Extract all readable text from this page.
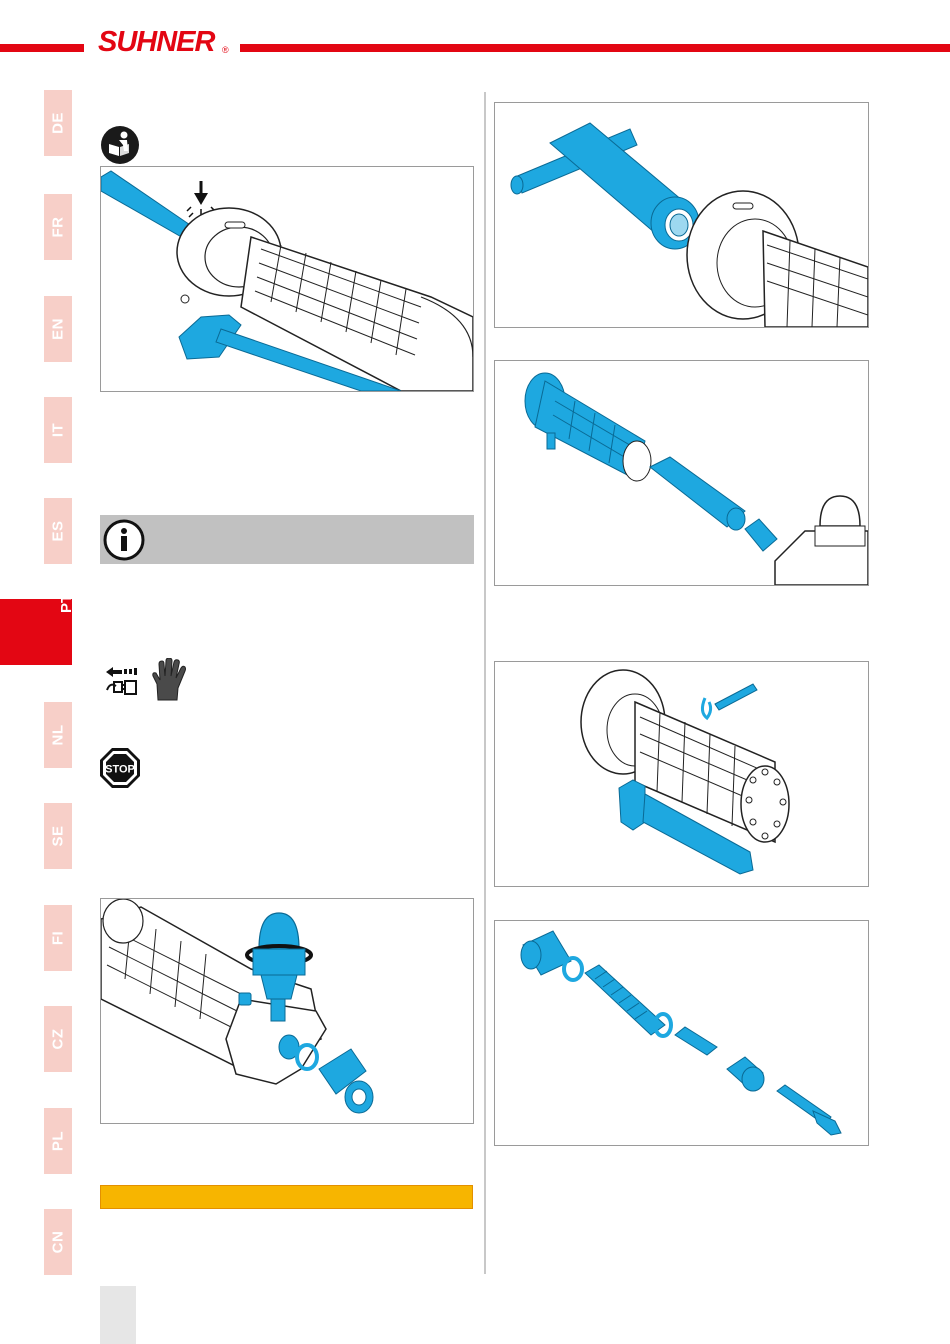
SUHNER ®
DE
FR
EN
IT
ES
PT
NL
SE
FI
CZ
PL
CN
STOP
